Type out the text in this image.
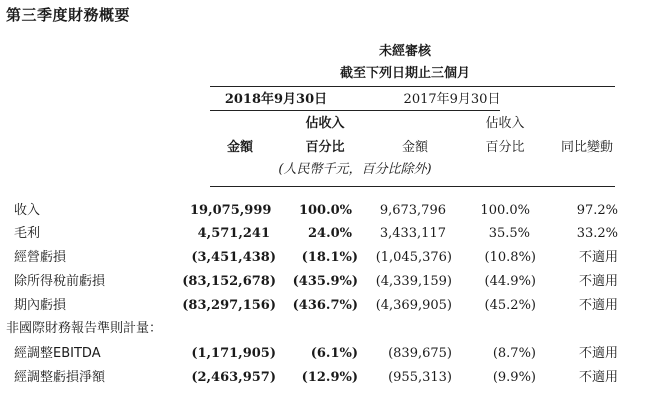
第三季度財務概要
未經審核
截至下列日期止三個月
2018年9月30日	2017年9月30日
佔收入	佔收入
金額	百分比	金額	百分比	同比變動
(人民幣千元，百分比除外)
收入	19,075,999	100.0%	9,673,796	100.0%	97.2%
毛利	4,571,241	24.0%	3,433,117	35.5%	33.2%
經營虧損	(3,451,438)	(18.1%)	(1,045,376)	(10.8%)	不適用
除所得稅前虧損	(83,152,678)	(435.9%)	(4,339,159)	(44.9%)	不適用
期內虧損	(83,297,156)	(436.7%)	(4,369,905)	(45.2%)	不適用
非國際財務報告準則計量：
經調整EBITDA	(1,171,905)	(6.1%)	(839,675)	(8.7%)	不適用
經調整虧損淨額	(2,463,957)	(12.9%)	(955,313)	(9.9%)	不適用
